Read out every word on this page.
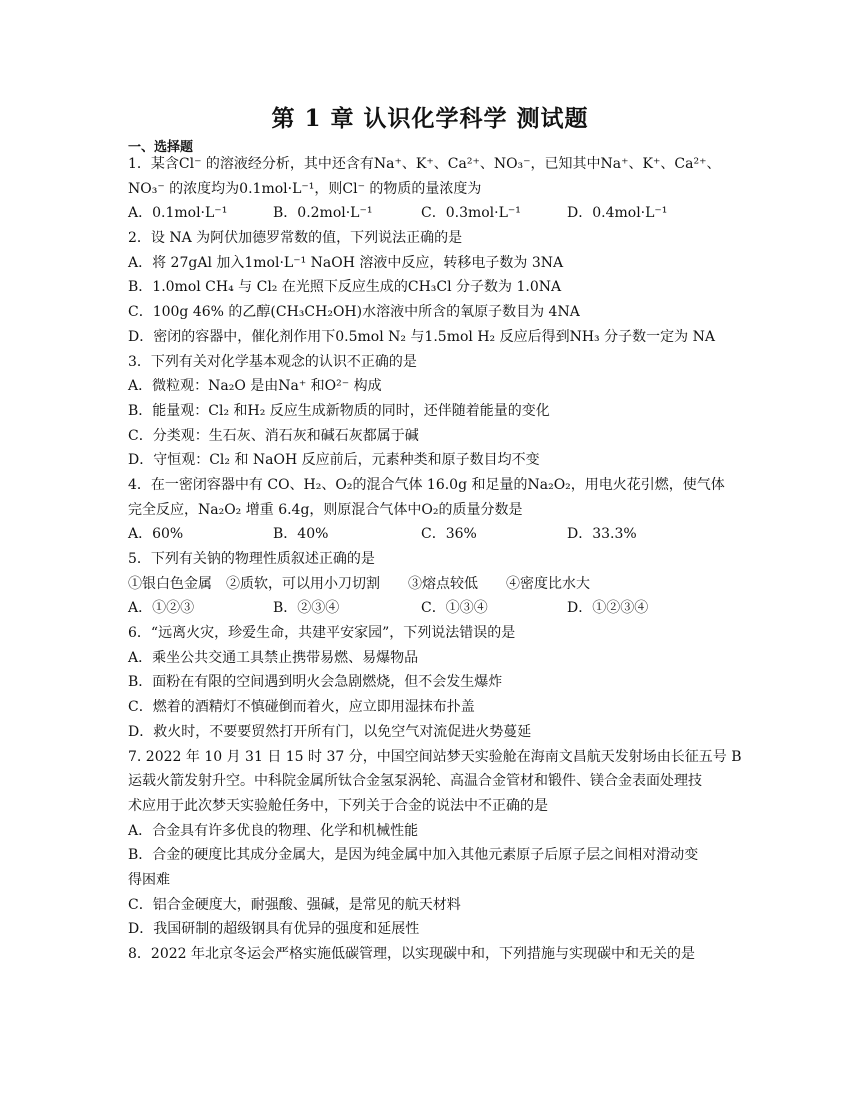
第 1 章 认识化学科学 测试题
一、选择题
1．某含Cl⁻ 的溶液经分析，其中还含有Na⁺、K⁺、Ca²⁺、NO₃⁻，已知其中Na⁺、K⁺、Ca²⁺、
NO₃⁻ 的浓度均为0.1mol·L⁻¹，则Cl⁻ 的物质的量浓度为
A．0.1mol·L⁻¹	B．0.2mol·L⁻¹	C．0.3mol·L⁻¹	D．0.4mol·L⁻¹
2．设 NA 为阿伏加德罗常数的值，下列说法正确的是
A．将 27gAl 加入1mol·L⁻¹ NaOH 溶液中反应，转移电子数为 3NA
B．1.0mol CH₄ 与 Cl₂ 在光照下反应生成的CH₃Cl 分子数为 1.0NA
C．100g 46% 的乙醇(CH₃CH₂OH)水溶液中所含的氧原子数目为 4NA
D．密闭的容器中，催化剂作用下0.5mol N₂ 与1.5mol H₂ 反应后得到NH₃ 分子数一定为 NA
3．下列有关对化学基本观念的认识不正确的是
A．微粒观：Na₂O 是由Na⁺ 和O²⁻ 构成
B．能量观：Cl₂ 和H₂ 反应生成新物质的同时，还伴随着能量的变化
C．分类观：生石灰、消石灰和碱石灰都属于碱
D．守恒观：Cl₂ 和 NaOH 反应前后，元素种类和原子数目均不变
4．在一密闭容器中有 CO、H₂、O₂的混合气体 16.0g 和足量的Na₂O₂，用电火花引燃，使气体
完全反应，Na₂O₂ 增重 6.4g，则原混合气体中O₂的质量分数是
A．60%	B．40%	C．36%	D．33.3%
5．下列有关钠的物理性质叙述正确的是
①银白色金属　②质软，可以用小刀切割　　③熔点较低　　④密度比水大
A．①②③	B．②③④	C．①③④	D．①②③④
6．“远离火灾，珍爱生命，共建平安家园”，下列说法错误的是
A．乘坐公共交通工具禁止携带易燃、易爆物品
B．面粉在有限的空间遇到明火会急剧燃烧，但不会发生爆炸
C．燃着的酒精灯不慎碰倒而着火，应立即用湿抹布扑盖
D．救火时，不要要贸然打开所有门，以免空气对流促进火势蔓延
7. 2022 年 10 月 31 日 15 时 37 分，中国空间站梦天实验舱在海南文昌航天发射场由长征五号 B
运载火箭发射升空。中科院金属所钛合金氢泵涡轮、高温合金管材和锻件、镁合金表面处理技
术应用于此次梦天实验舱任务中，下列关于合金的说法中不正确的是
A．合金具有许多优良的物理、化学和机械性能
B．合金的硬度比其成分金属大，是因为纯金属中加入其他元素原子后原子层之间相对滑动变
得困难
C．铝合金硬度大，耐强酸、强碱，是常见的航天材料
D．我国研制的超级钢具有优异的强度和延展性
8．2022 年北京冬运会严格实施低碳管理，以实现碳中和，下列措施与实现碳中和无关的是
